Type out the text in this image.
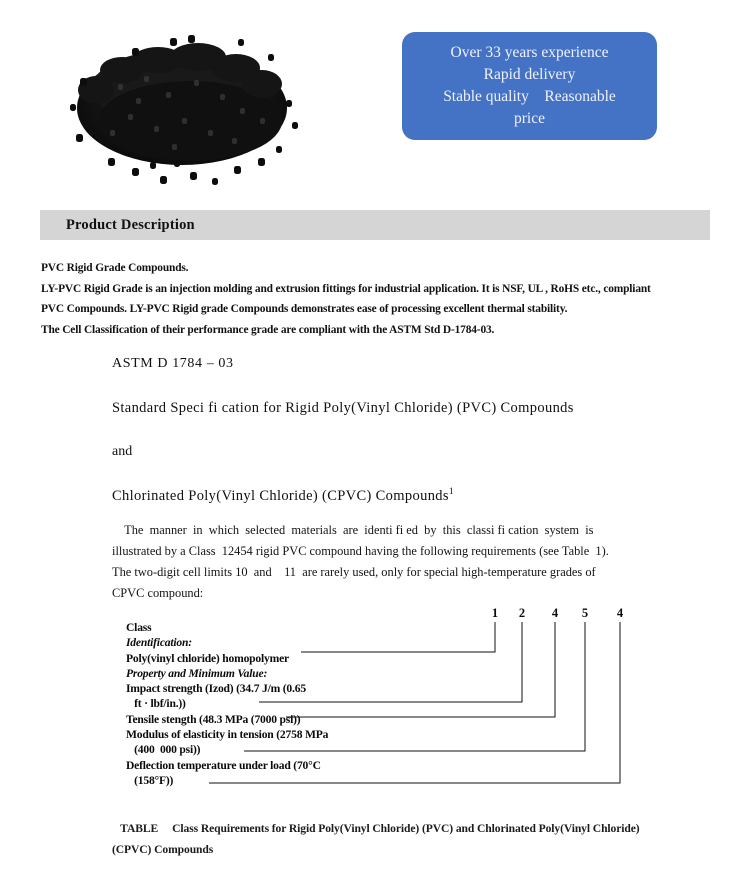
Over 33 years experience
Rapid delivery
Stable quality    Reasonable
price
Product Description
PVC Rigid Grade Compounds.
LY-PVC Rigid Grade is an injection molding and extrusion fittings for industrial application. It is NSF, UL , RoHS etc., compliant
PVC Compounds. LY-PVC Rigid grade Compounds demonstrates ease of processing excellent thermal stability.
The Cell Classification of their performance grade are compliant with the ASTM Std D-1784-03.
ASTM D 1784 – 03
Standard Speci fi cation for Rigid Poly(Vinyl Chloride) (PVC) Compounds
and
Chlorinated Poly(Vinyl Chloride) (CPVC) Compounds$^1$
The  manner  in  which  selected  materials  are  identi fi ed  by  this  classi fi cation  system  is
illustrated by a Class  12454 rigid PVC compound having the following requirements (see Table  1).
The two-digit cell limits 10  and    11  are rarely used, only for special high-temperature grades of
CPVC compound:
1 2 4 5 4
Class
Identification:
Poly(vinyl chloride) homopolymer
Property and Minimum Value:
Impact strength (Izod) (34.7 J/m (0.65
ft · lbf/in.))
Tensile stength (48.3 MPa (7000 psi))
Modulus of elasticity in tension (2758 MPa
(400  000 psi))
Deflection temperature under load (70°C
(158°F))
TABLE     Class Requirements for Rigid Poly(Vinyl Chloride) (PVC) and Chlorinated Poly(Vinyl Chloride)
(CPVC) Compounds
